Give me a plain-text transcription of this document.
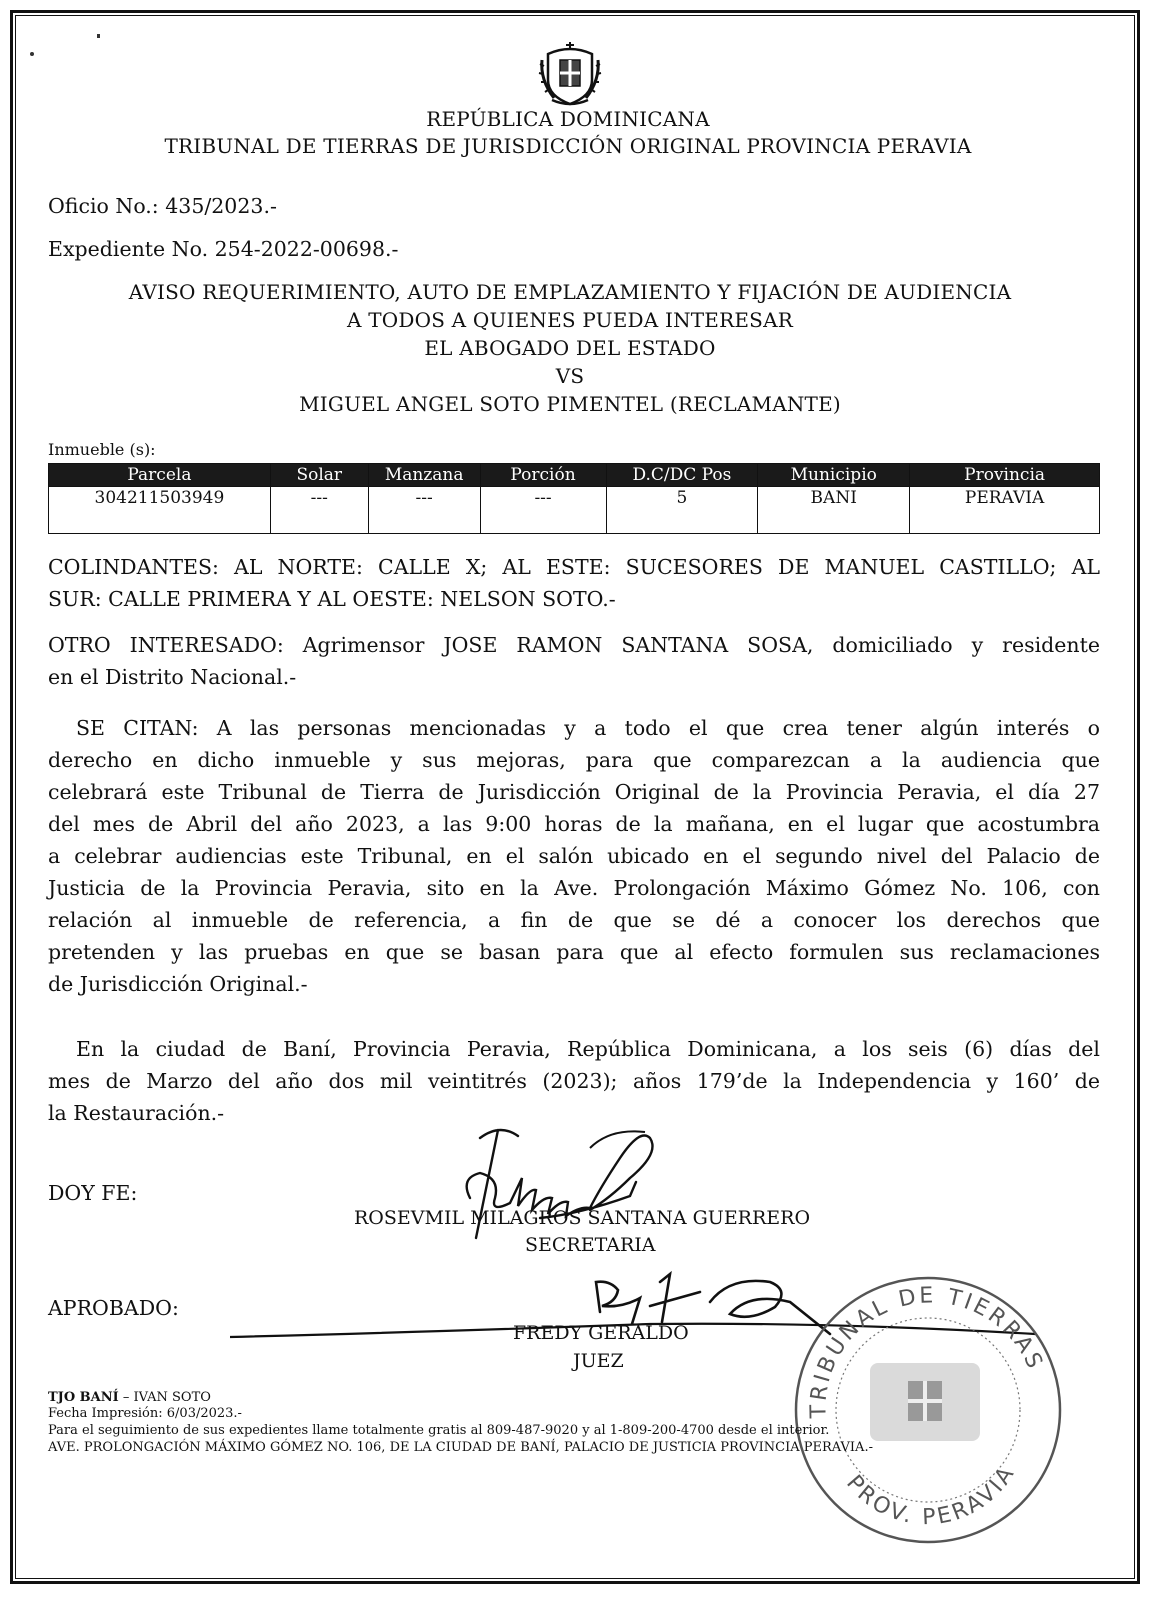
REPÚBLICA DOMINICANA
TRIBUNAL DE TIERRAS DE JURISDICCIÓN ORIGINAL PROVINCIA PERAVIA
Oficio No.: 435/2023.-
Expediente No. 254-2022-00698.-
AVISO REQUERIMIENTO, AUTO DE EMPLAZAMIENTO Y FIJACIÓN DE AUDIENCIA
A TODOS A QUIENES PUEDA INTERESAR
EL ABOGADO DEL ESTADO
VS
MIGUEL ANGEL SOTO PIMENTEL (RECLAMANTE)
Inmueble (s):
Parcela	Solar	Manzana	Porción	D.C/DC Pos	Municipio	Provincia
304211503949	---	---	---	5	BANI	PERAVIA
COLINDANTES: AL NORTE: CALLE X; AL ESTE: SUCESORES DE MANUEL CASTILLO; AL
SUR: CALLE PRIMERA Y AL OESTE: NELSON SOTO.-
OTRO INTERESADO: Agrimensor JOSE RAMON SANTANA SOSA, domiciliado y residente
en el Distrito Nacional.-
SE CITAN: A las personas mencionadas y a todo el que crea tener algún interés o
derecho en dicho inmueble y sus mejoras, para que comparezcan a la audiencia que
celebrará este Tribunal de Tierra de Jurisdicción Original de la Provincia Peravia, el día 27
del mes de Abril del año 2023, a las 9:00 horas de la mañana, en el lugar que acostumbra
a celebrar audiencias este Tribunal, en el salón ubicado en el segundo nivel del Palacio de
Justicia de la Provincia Peravia, sito en la Ave. Prolongación Máximo Gómez No. 106, con
relación al inmueble de referencia, a fin de que se dé a conocer los derechos que
pretenden y las pruebas en que se basan para que al efecto formulen sus reclamaciones
de Jurisdicción Original.-
En la ciudad de Baní, Provincia Peravia, República Dominicana, a los seis (6) días del
mes de Marzo del año dos mil veintitrés (2023); años 179’de la Independencia y 160’ de
la Restauración.-
DOY FE:
ROSEVMIL MILAGROS SANTANA GUERRERO
SECRETARIA
APROBADO:
FREDY GERALDO
JUEZ
TRIBUNAL DE TIERRAS
PROV. PERAVIA
TJO BANÍ – IVAN SOTO
Fecha Impresión: 6/03/2023.-
Para el seguimiento de sus expedientes llame totalmente gratis al 809-487-9020 y al 1-809-200-4700 desde el interior.
AVE. PROLONGACIÓN MÁXIMO GÓMEZ NO. 106, DE LA CIUDAD DE BANÍ, PALACIO DE JUSTICIA PROVINCIA PERAVIA.-
